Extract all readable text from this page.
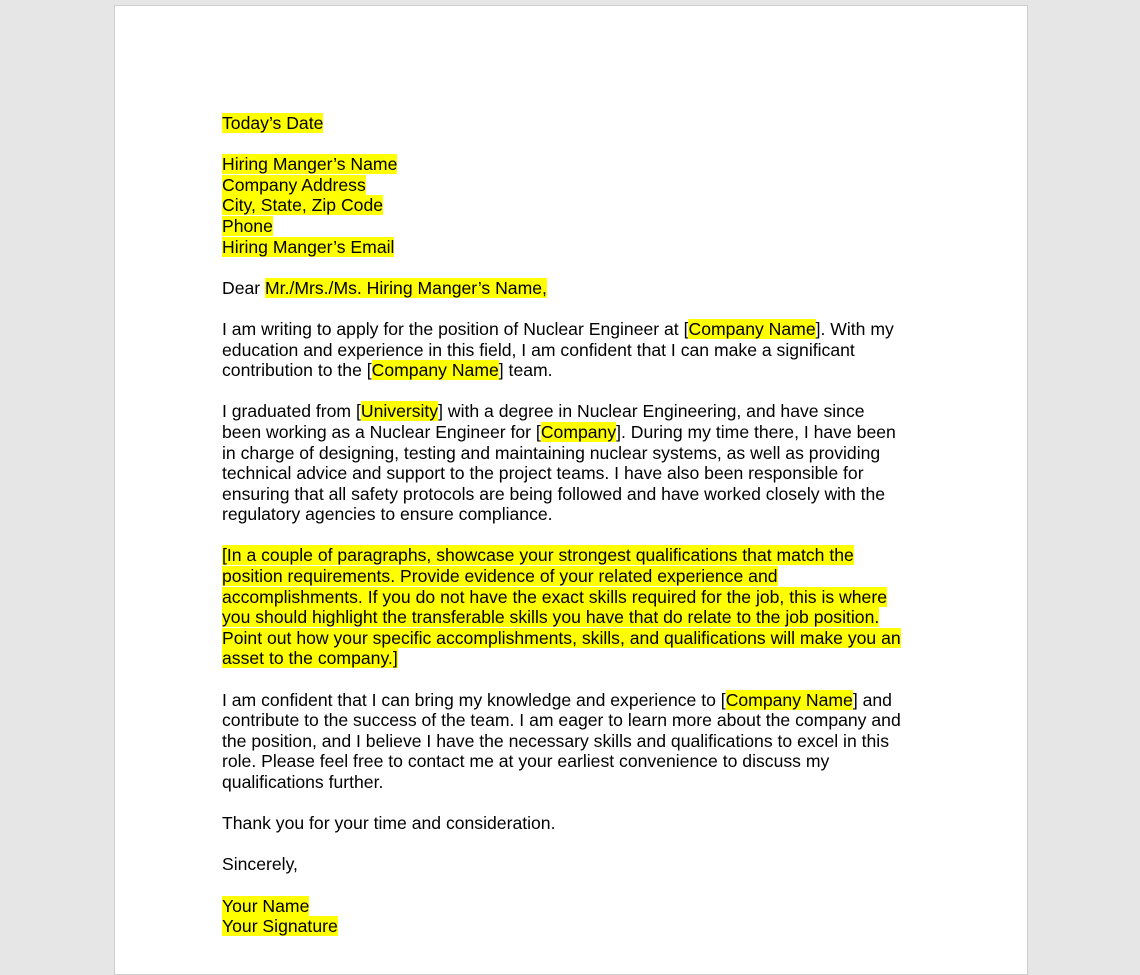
Today’s Date
Hiring Manger’s Name
Company Address
City, State, Zip Code
Phone
Hiring Manger’s Email
Dear Mr./Mrs./Ms. Hiring Manger’s Name,
I am writing to apply for the position of Nuclear Engineer at [Company Name]. With my
education and experience in this field, I am confident that I can make a significant
contribution to the [Company Name] team.
I graduated from [University] with a degree in Nuclear Engineering, and have since
been working as a Nuclear Engineer for [Company]. During my time there, I have been
in charge of designing, testing and maintaining nuclear systems, as well as providing
technical advice and support to the project teams. I have also been responsible for
ensuring that all safety protocols are being followed and have worked closely with the
regulatory agencies to ensure compliance.
[In a couple of paragraphs, showcase your strongest qualifications that match the
position requirements. Provide evidence of your related experience and
accomplishments. If you do not have the exact skills required for the job, this is where
you should highlight the transferable skills you have that do relate to the job position.
Point out how your specific accomplishments, skills, and qualifications will make you an
asset to the company.]
I am confident that I can bring my knowledge and experience to [Company Name] and
contribute to the success of the team. I am eager to learn more about the company and
the position, and I believe I have the necessary skills and qualifications to excel in this
role. Please feel free to contact me at your earliest convenience to discuss my
qualifications further.
Thank you for your time and consideration.
Sincerely,
Your Name
Your Signature
